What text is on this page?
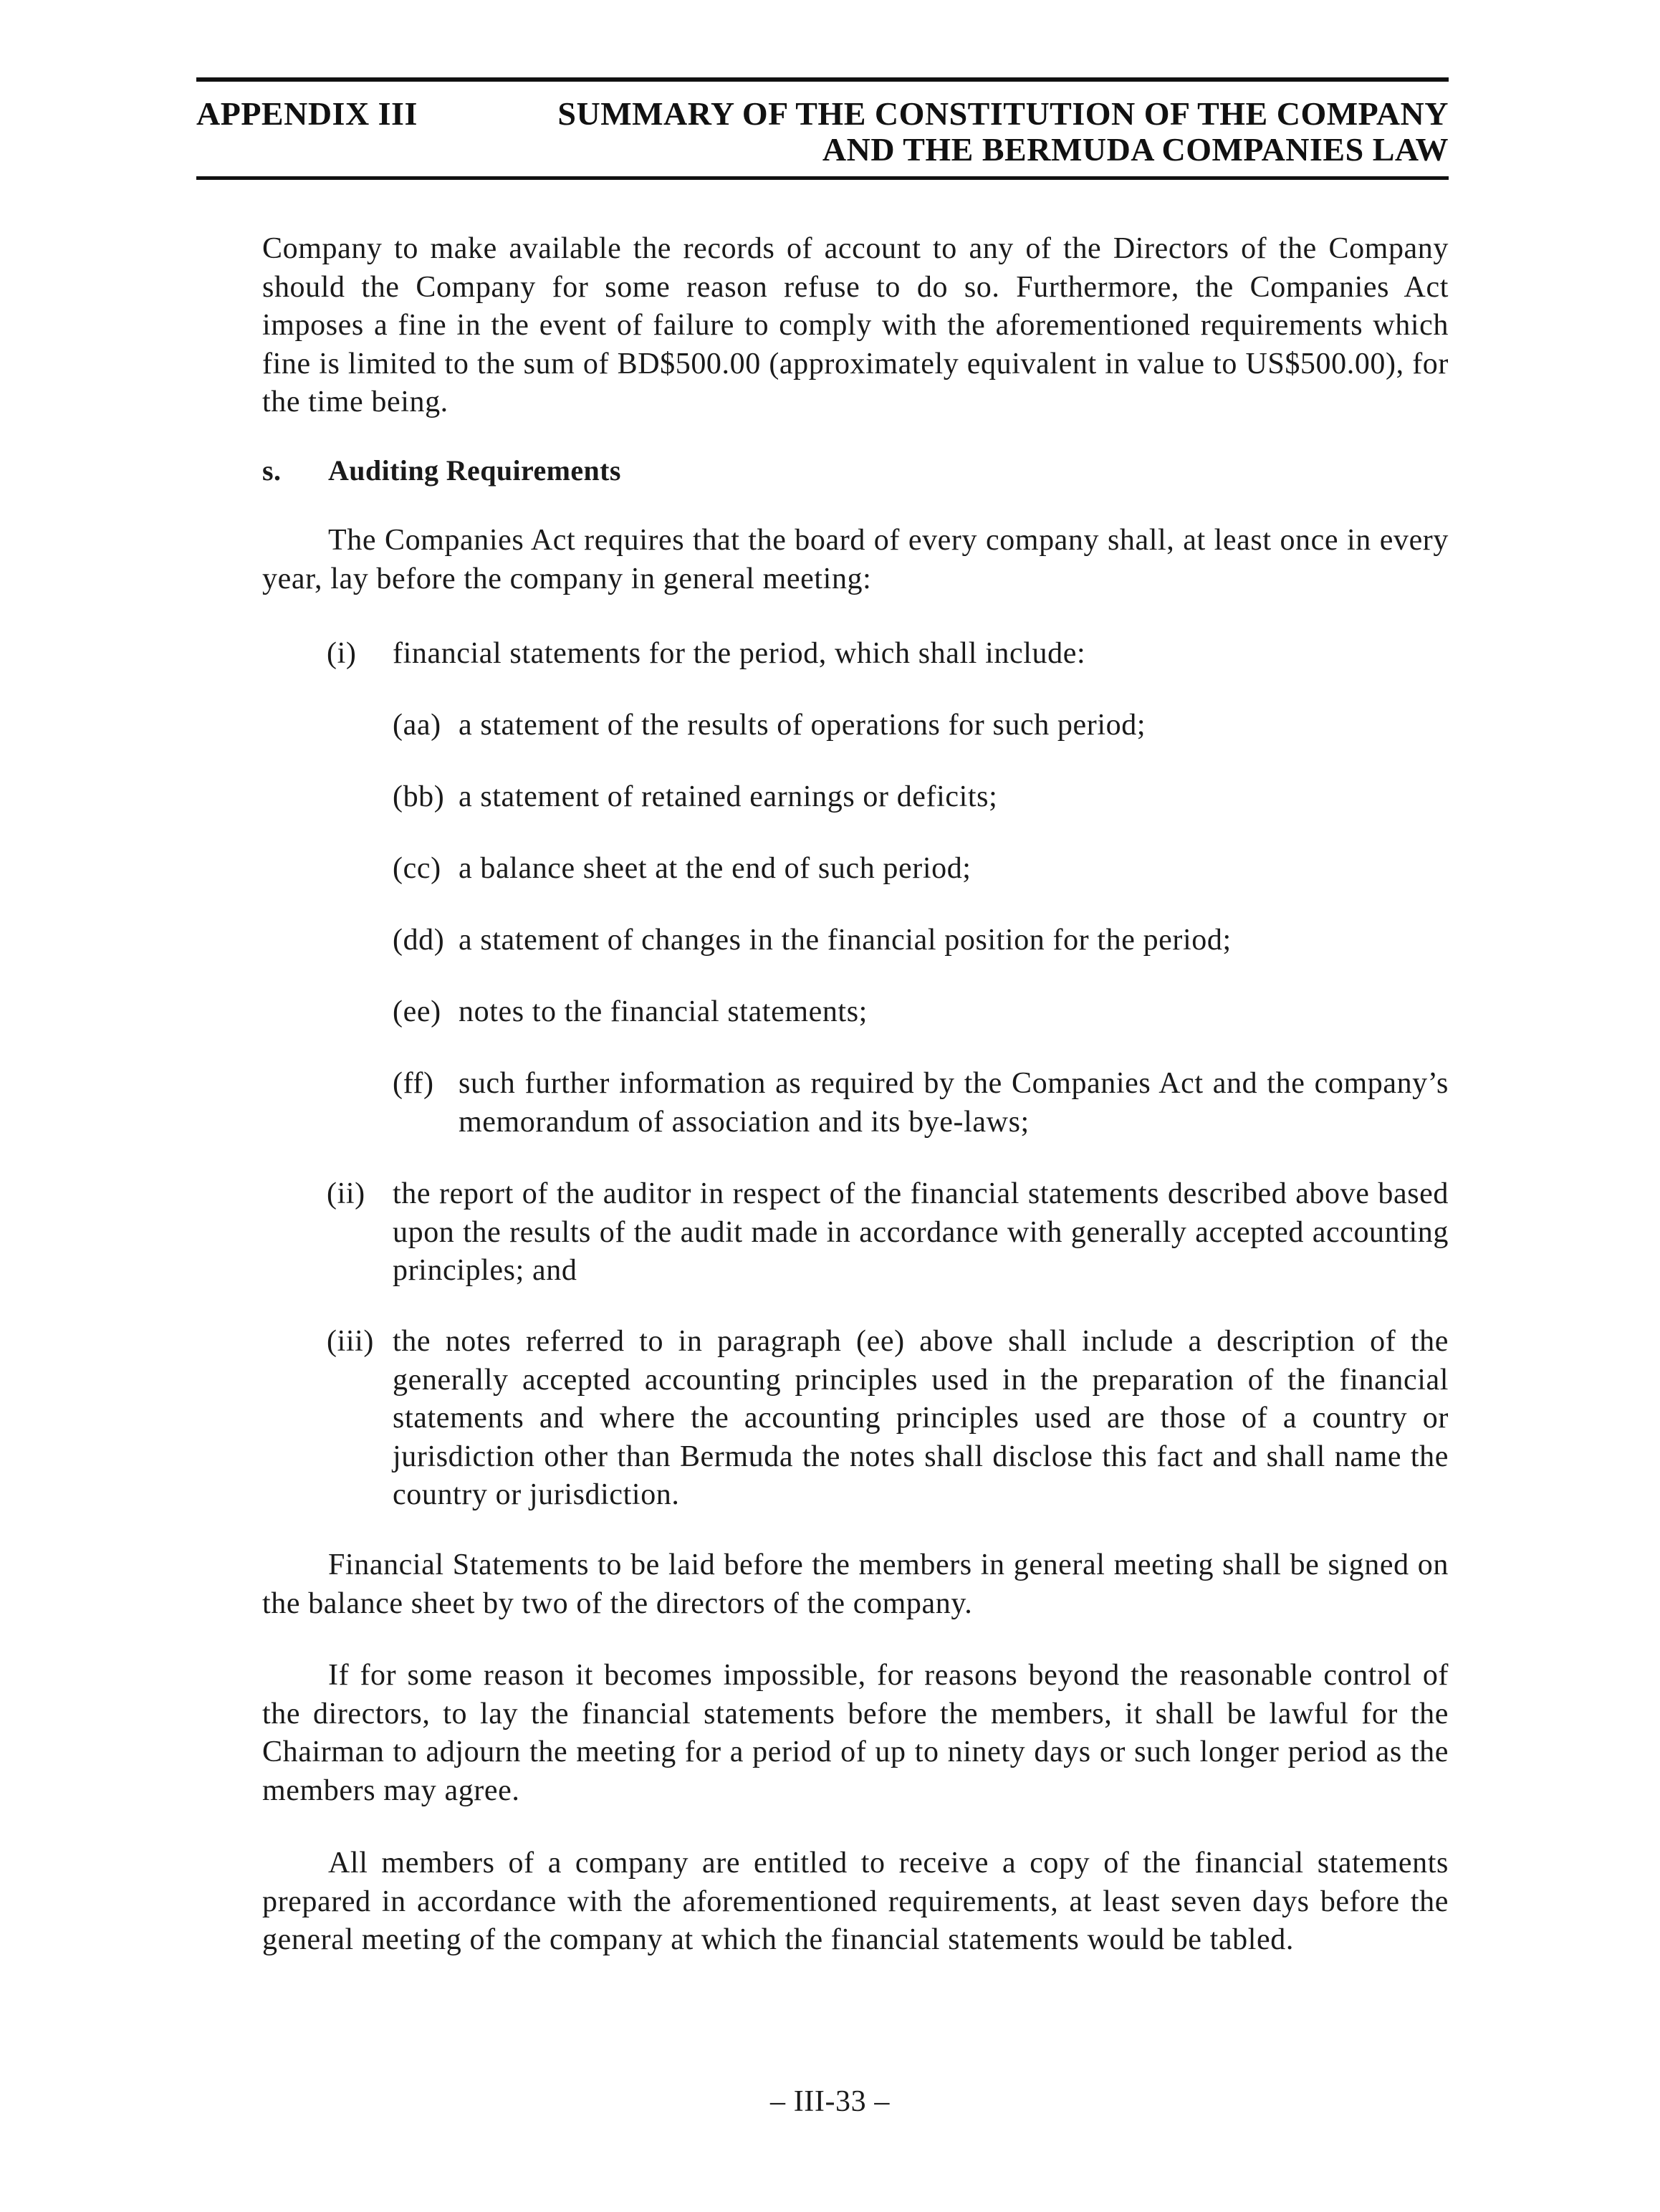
APPENDIX III	SUMMARY OF THE CONSTITUTION OF THE COMPANY
AND THE BERMUDA COMPANIES LAW

Company to make available the records of account to any of the Directors of the Company should the Company for some reason refuse to do so. Furthermore, the Companies Act imposes a fine in the event of failure to comply with the aforementioned requirements which fine is limited to the sum of BD$500.00 (approximately equivalent in value to US$500.00), for the time being.

s. Auditing Requirements

The Companies Act requires that the board of every company shall, at least once in every year, lay before the company in general meeting:

(i) financial statements for the period, which shall include:
(aa) a statement of the results of operations for such period;
(bb) a statement of retained earnings or deficits;
(cc) a balance sheet at the end of such period;
(dd) a statement of changes in the financial position for the period;
(ee) notes to the financial statements;
(ff) such further information as required by the Companies Act and the company’s memorandum of association and its bye-laws;
(ii) the report of the auditor in respect of the financial statements described above based upon the results of the audit made in accordance with generally accepted accounting principles; and
(iii) the notes referred to in paragraph (ee) above shall include a description of the generally accepted accounting principles used in the preparation of the financial statements and where the accounting principles used are those of a country or jurisdiction other than Bermuda the notes shall disclose this fact and shall name the country or jurisdiction.

Financial Statements to be laid before the members in general meeting shall be signed on the balance sheet by two of the directors of the company.

If for some reason it becomes impossible, for reasons beyond the reasonable control of the directors, to lay the financial statements before the members, it shall be lawful for the Chairman to adjourn the meeting for a period of up to ninety days or such longer period as the members may agree.

All members of a company are entitled to receive a copy of the financial statements prepared in accordance with the aforementioned requirements, at least seven days before the general meeting of the company at which the financial statements would be tabled.

– III-33 –
